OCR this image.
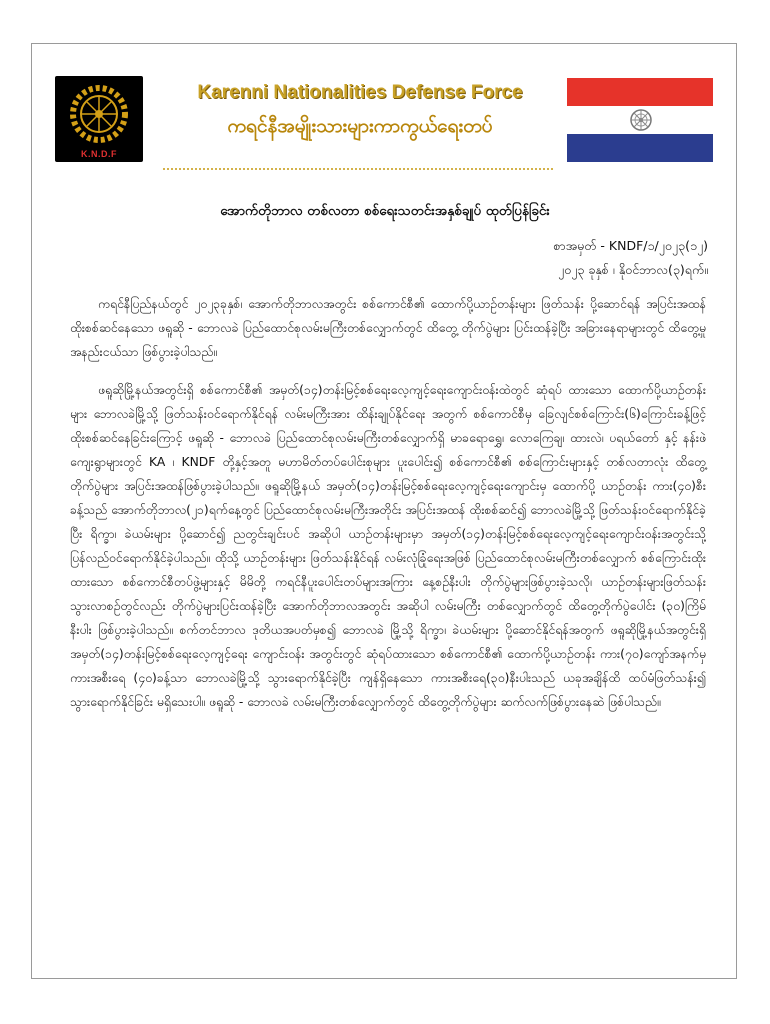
K.N.D.F
Karenni Nationalities Defense Force
ကရင်နီအမျိုးသားများကာကွယ်ရေးတပ်
အောက်တိုဘာလ တစ်လတာ စစ်ရေးသတင်းအနှစ်ချုပ် ထုတ်ပြန်ခြင်း
စာအမှတ် - KNDF/၁/၂၀၂၃(၁၂)
၂၀၂၃ ခုနှစ် ၊ နိုဝင်ဘာလ(၃)ရက်။

ကရင်နီပြည်နယ်တွင် ၂၀၂၃ခုနှစ်၊ အောက်တိုဘာလအတွင်း စစ်ကောင်စီ၏ ထောက်ပို့ယာဉ်တန်းများ ဖြတ်သန်း ပို့ဆောင်ရန် အပြင်းအထန်ထိုးစစ်ဆင်နေသော ဖရူဆို - ဘောလခဲ ပြည်ထောင်စုလမ်းမကြီးတစ်လျှောက်တွင် ထိတွေ့ တိုက်ပွဲများ ပြင်းထန်ခဲ့ပြီး အခြားနေရာများတွင် ထိတွေ့မှုအနည်းငယ်သာ ဖြစ်ပွားခဲ့ပါသည်။

ဖရူဆိုမြို့နယ်အတွင်းရှိ စစ်ကောင်စီ၏ အမှတ်(၁၄)တန်းမြင့်စစ်ရေးလေ့ကျင့်ရေးကျောင်းဝန်းထဲတွင် ဆုံရပ် ထားသော ထောက်ပို့ယာဉ်တန်းများ ဘောလခဲမြို့သို့ ဖြတ်သန်းဝင်ရောက်နိုင်ရန် လမ်းမကြီးအား ထိန်းချုပ်နိုင်ရေး အတွက် စစ်ကောင်စီမှ ခြေလျင်စစ်ကြောင်း(၆)ကြောင်းခန့်ဖြင့် ထိုးစစ်ဆင်နေခြင်းကြောင့် ဖရူဆို - ဘောလခဲ ပြည်ထောင်စုလမ်းမကြီးတစ်လျှောက်ရှိ မာခရောရွှေ၊ လောကြေချ၊ ထားလဲ၊ ပရယ်တော် နှင့် နန်းဖဲကျေးရွာများတွင် KA ၊ KNDF တို့နှင့်အတူ မဟာမိတ်တပ်ပေါင်းစုများ ပူးပေါင်း၍ စစ်ကောင်စီ၏ စစ်ကြောင်းများနှင့် တစ်လတာလုံး ထိတွေ့ တိုက်ပွဲများ အပြင်းအထန်ဖြစ်ပွားခဲ့ပါသည်။ ဖရူဆိုမြို့နယ် အမှတ်(၁၄)တန်းမြင့်စစ်ရေးလေ့ကျင့်ရေးကျောင်းမှ ထောက်ပို့ ယာဉ်တန်း ကား(၄၀)စီးခန့်သည် အောက်တိုဘာလ(၂၁)ရက်နေ့တွင် ပြည်ထောင်စုလမ်းမကြီးအတိုင်း အပြင်းအထန် ထိုးစစ်ဆင်၍ ဘောလခဲမြို့သို့ ဖြတ်သန်းဝင်ရောက်နိုင်ခဲ့ပြီး ရိက္ခာ၊ ခဲယမ်းများ ပို့ဆောင်၍ ညတွင်းချင်းပင် အဆိုပါ ယာဉ်တန်းများမှာ အမှတ်(၁၄)တန်းမြင့်စစ်ရေးလေ့ကျင့်ရေးကျောင်းဝန်းအတွင်းသို့ ပြန်လည်ဝင်ရောက်နိုင်ခဲ့ပါသည်။ ထိုသို့ ယာဉ်တန်းများ ဖြတ်သန်းနိုင်ရန် လမ်းလုံခြုံရေးအဖြစ် ပြည်ထောင်စုလမ်းမကြီးတစ်လျှောက် စစ်ကြောင်းထိုး ထားသော စစ်ကောင်စီတပ်ဖွဲ့များနှင့် မိမိတို့ ကရင်နီပူးပေါင်းတပ်များအကြား နေ့စဉ်နီးပါး တိုက်ပွဲများဖြစ်ပွားခဲ့သလို၊ ယာဉ်တန်းများဖြတ်သန်းသွားလာစဉ်တွင်လည်း တိုက်ပွဲများပြင်းထန်ခဲ့ပြီး အောက်တိုဘာလအတွင်း အဆိုပါ လမ်းမကြီး တစ်လျှောက်တွင် ထိတွေ့တိုက်ပွဲပေါင်း (၃၀)ကြိမ်နီးပါး ဖြစ်ပွားခဲ့ပါသည်။ စက်တင်ဘာလ ဒုတိယအပတ်မှစ၍ ဘောလခဲ မြို့သို့ ရိက္ခာ၊ ခဲယမ်းများ ပို့ဆောင်နိုင်ရန်အတွက် ဖရူဆိုမြို့နယ်အတွင်းရှိ အမှတ်(၁၄)တန်းမြင့်စစ်ရေးလေ့ကျင့်ရေး ကျောင်းဝန်း အတွင်းတွင် ဆုံရပ်ထားသော စစ်ကောင်စီ၏ ထောက်ပို့ယာဉ်တန်း ကား(၇၀)ကျော်အနက်မှ ကားအစီးရေ (၄၀)ခန့်သာ ဘောလခဲမြို့သို့ သွားရောက်နိုင်ခဲ့ပြီး ကျန်ရှိနေသော ကားအစီးရေ(၃၀)နီးပါးသည် ယခုအချိန်ထိ ထပ်မံဖြတ်သန်း၍ သွားရောက်နိုင်ခြင်း မရှိသေးပါ။ ဖရူဆို - ဘောလခဲ လမ်းမကြီးတစ်လျှောက်တွင် ထိတွေ့တိုက်ပွဲများ ဆက်လက်ဖြစ်ပွားနေဆဲ ဖြစ်ပါသည်။
